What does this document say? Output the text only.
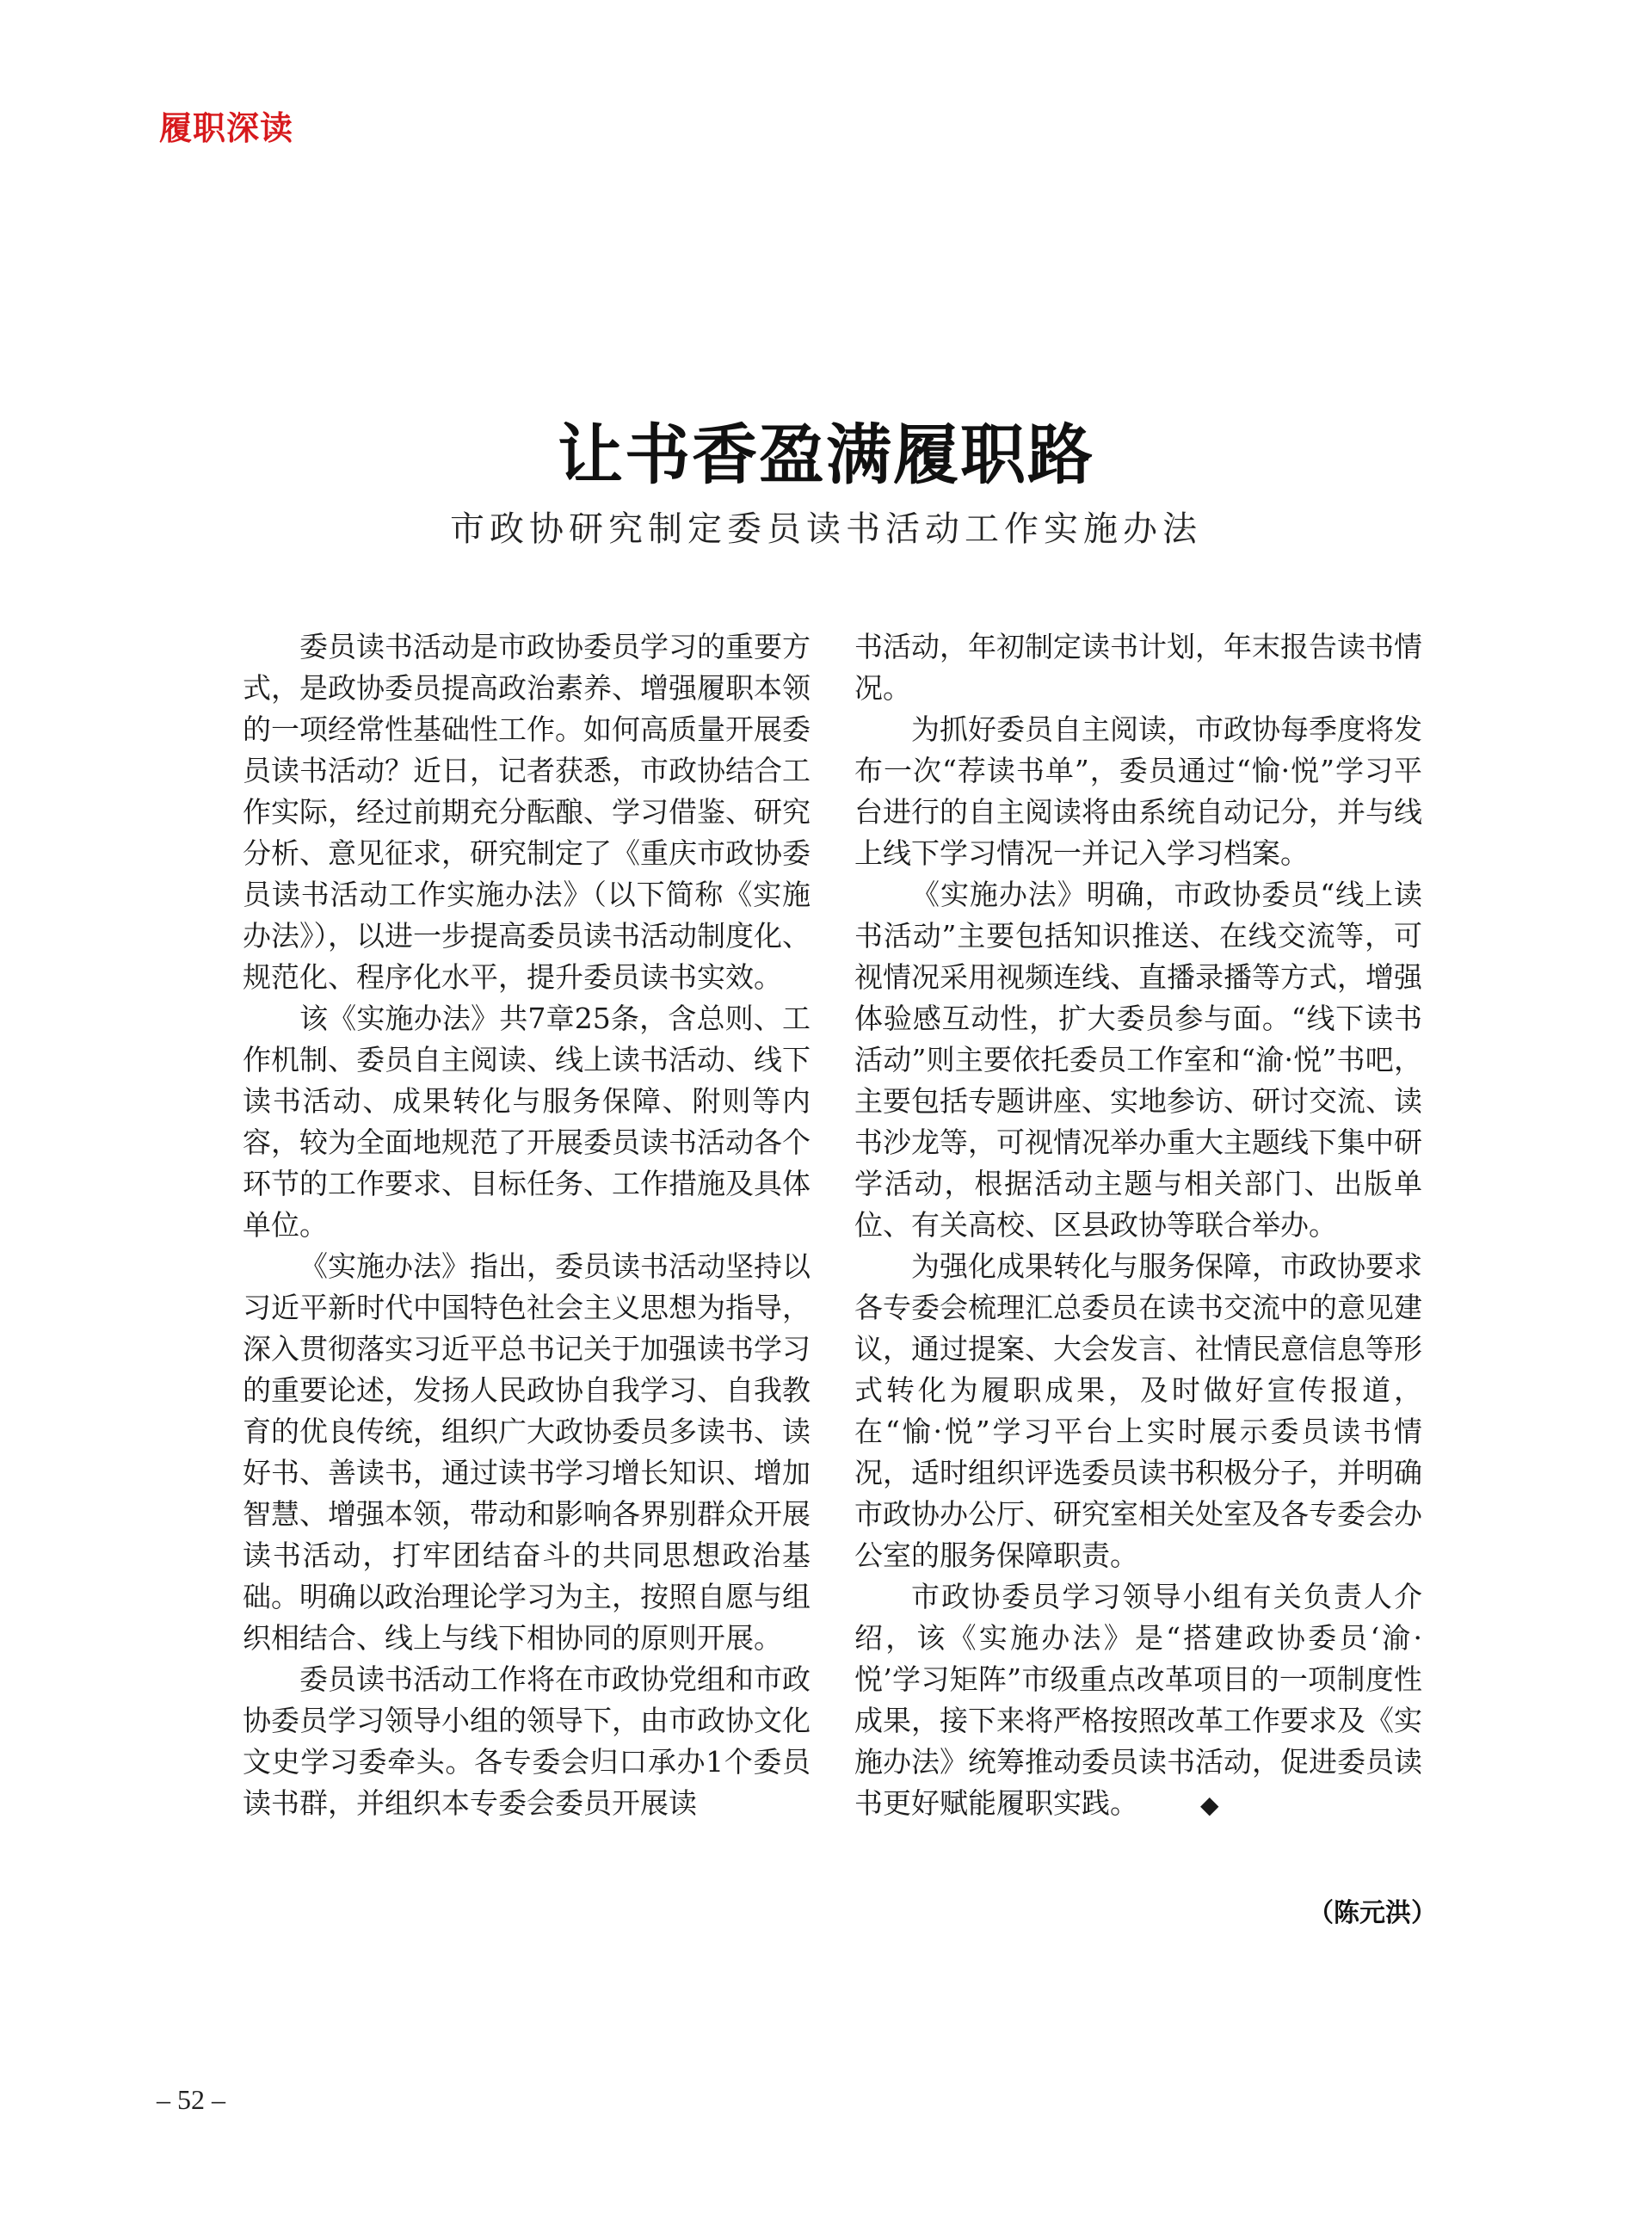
履职深读
让书香盈满履职路
市政协研究制定委员读书活动工作实施办法

委员读书活动是市政协委员学习的重要方式，是政协委员提高政治素养、增强履职本领的一项经常性基础性工作。如何高质量开展委员读书活动？近日，记者获悉，市政协结合工作实际，经过前期充分酝酿、学习借鉴、研究分析、意见征求，研究制定了《重庆市政协委员读书活动工作实施办法》（以下简称《实施办法》），以进一步提高委员读书活动制度化、规范化、程序化水平，提升委员读书实效。

该《实施办法》共7章25条，含总则、工作机制、委员自主阅读、线上读书活动、线下读书活动、成果转化与服务保障、附则等内容，较为全面地规范了开展委员读书活动各个环节的工作要求、目标任务、工作措施及具体单位。

《实施办法》指出，委员读书活动坚持以习近平新时代中国特色社会主义思想为指导，深入贯彻落实习近平总书记关于加强读书学习的重要论述，发扬人民政协自我学习、自我教育的优良传统，组织广大政协委员多读书、读好书、善读书，通过读书学习增长知识、增加智慧、增强本领，带动和影响各界别群众开展读书活动，打牢团结奋斗的共同思想政治基础。明确以政治理论学习为主，按照自愿与组织相结合、线上与线下相协同的原则开展。

委员读书活动工作将在市政协党组和市政协委员学习领导小组的领导下，由市政协文化文史学习委牵头。各专委会归口承办1个委员读书群，并组织本专委会委员开展读

书活动，年初制定读书计划，年末报告读书情况。

为抓好委员自主阅读，市政协每季度将发布一次“荐读书单”，委员通过“愉·悦”学习平台进行的自主阅读将由系统自动记分，并与线上线下学习情况一并记入学习档案。

《实施办法》明确，市政协委员“线上读书活动”主要包括知识推送、在线交流等，可视情况采用视频连线、直播录播等方式，增强体验感互动性，扩大委员参与面。“线下读书活动”则主要依托委员工作室和“渝·悦”书吧，主要包括专题讲座、实地参访、研讨交流、读书沙龙等，可视情况举办重大主题线下集中研学活动，根据活动主题与相关部门、出版单位、有关高校、区县政协等联合举办。

为强化成果转化与服务保障，市政协要求各专委会梳理汇总委员在读书交流中的意见建议，通过提案、大会发言、社情民意信息等形式转化为履职成果，及时做好宣传报道，在“愉·悦”学习平台上实时展示委员读书情况，适时组织评选委员读书积极分子，并明确市政协办公厅、研究室相关处室及各专委会办公室的服务保障职责。

市政协委员学习领导小组有关负责人介绍，该《实施办法》是“搭建政协委员‘渝·悦’学习矩阵”市级重点改革项目的一项制度性成果，接下来将严格按照改革工作要求及《实施办法》统筹推动委员读书活动，促进委员读书更好赋能履职实践。	◆

（陈元洪）
– 52 –
